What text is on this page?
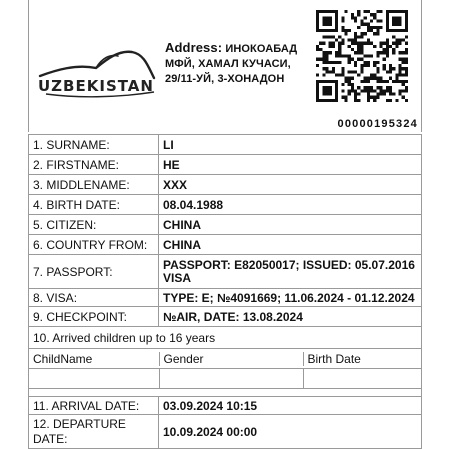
UZBEKISTAN
Address: ИНОКОАБАД
МФЙ, ХАМАЛ КУЧАСИ,
29/11-УЙ, 3-ХОНАДОН
00000195324
1. SURNAME:	LI
2. FIRSTNAME:	HE
3. MIDDLENAME:	XXX
4. BIRTH DATE:	08.04.1988
5. CITIZEN:	CHINA
6. COUNTRY FROM:	CHINA
7. PASSPORT:	PASSPORT: E82050017; ISSUED: 05.07.2016 VISA
8. VISA:	TYPE: E; №4091669; 11.06.2024 - 01.12.2024
9. CHECKPOINT:	№AIR, DATE: 13.08.2024
10. Arrived children up to 16 years

ChildName	Gender	Birth Date

11. ARRIVAL DATE:	03.09.2024 10:15

12. DEPARTURE
DATE:	10.09.2024 00:00
